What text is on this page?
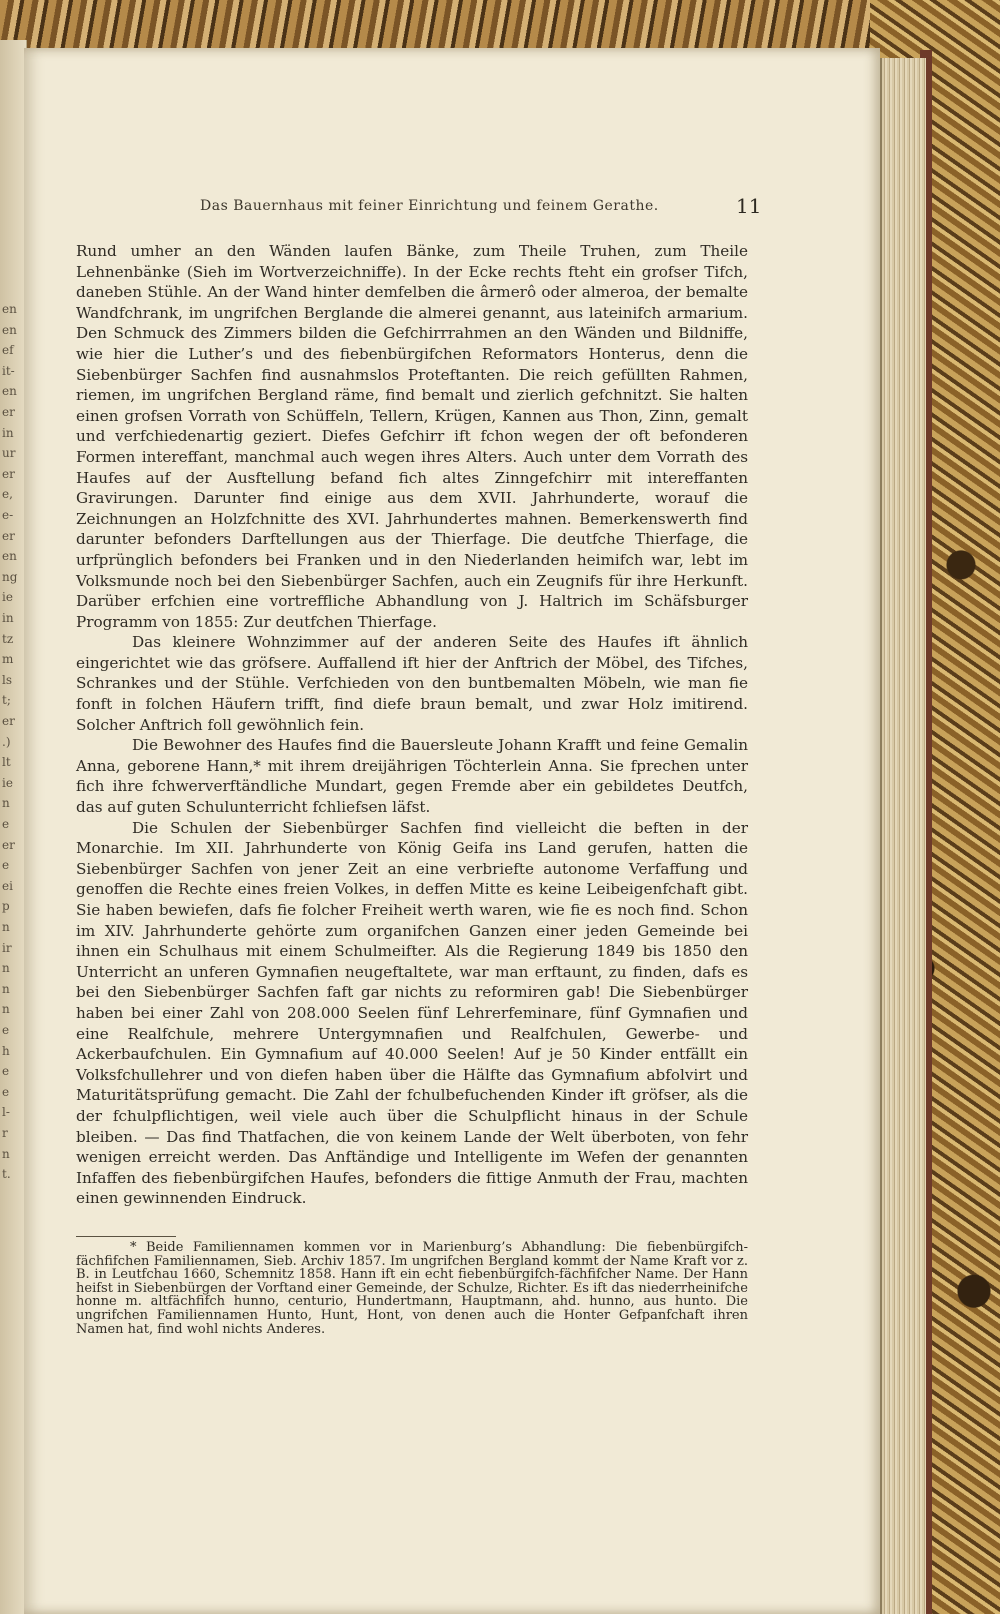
en
en
ef
it-
en
er
in
ur
er
e,
e-
er
en
ng
ie
in
tz
m
ls
t;
er
.)
lt
ie
n
e
er
e
ei
p
n
ir
n
n
n
e
h
e
e
l-
r
n
t.
Das Bauernhaus mit feiner Einrichtung und feinem Gerathe.	11

Rund umher an den Wänden laufen Bänke, zum Theile Truhen, zum Theile Lehnenbänke (Sieh im Wortverzeichniffe). In der Ecke rechts fteht ein grofser Tifch, daneben Stühle. An der Wand hinter demfelben die ârmerô oder almeroa, der bemalte Wandfchrank, im ungrifchen Berglande die almerei genannt, aus lateinifch armarium. Den Schmuck des Zimmers bilden die Gefchirrrahmen an den Wänden und Bildniffe, wie hier die Luther’s und des fiebenbürgifchen Reformators Honterus, denn die Siebenbürger Sachfen find ausnahmslos Proteftanten. Die reich gefüllten Rahmen, riemen, im ungrifchen Bergland räme, find bemalt und zierlich gefchnitzt. Sie halten einen grofsen Vorrath von Schüffeln, Tellern, Krügen, Kannen aus Thon, Zinn, gemalt und verfchiedenartig geziert. Diefes Gefchirr ift fchon wegen der oft befonderen Formen intereffant, manchmal auch wegen ihres Alters. Auch unter dem Vorrath des Haufes auf der Ausftellung befand fich altes Zinngefchirr mit intereffanten Gravirungen. Darunter find einige aus dem XVII. Jahrhunderte, worauf die Zeichnungen an Holzfchnitte des XVI. Jahrhundertes mahnen. Bemerkenswerth find darunter befonders Darftellungen aus der Thierfage. Die deutfche Thierfage, die urfprünglich befonders bei Franken und in den Niederlanden heimifch war, lebt im Volksmunde noch bei den Siebenbürger Sachfen, auch ein Zeugnifs für ihre Herkunft. Darüber erfchien eine vortreffliche Abhandlung von J. Haltrich im Schäfsburger Programm von 1855: Zur deutfchen Thierfage.

Das kleinere Wohnzimmer auf der anderen Seite des Haufes ift ähnlich eingerichtet wie das gröfsere. Auffallend ift hier der Anftrich der Möbel, des Tifches, Schrankes und der Stühle. Verfchieden von den buntbemalten Möbeln, wie man fie fonft in folchen Häufern trifft, find diefe braun bemalt, und zwar Holz imitirend. Solcher Anftrich foll gewöhnlich fein.

Die Bewohner des Haufes find die Bauersleute Johann Krafft und feine Gemalin Anna, geborene Hann,* mit ihrem dreijährigen Töchterlein Anna. Sie fprechen unter fich ihre fchwerverftändliche Mundart, gegen Fremde aber ein gebildetes Deutfch, das auf guten Schulunterricht fchliefsen läfst.

Die Schulen der Siebenbürger Sachfen find vielleicht die beften in der Monarchie. Im XII. Jahrhunderte von König Geifa ins Land gerufen, hatten die Siebenbürger Sachfen von jener Zeit an eine verbriefte autonome Verfaffung und genoffen die Rechte eines freien Volkes, in deffen Mitte es keine Leibeigenfchaft gibt. Sie haben bewiefen, dafs fie folcher Freiheit werth waren, wie fie es noch find. Schon im XIV. Jahrhunderte gehörte zum organifchen Ganzen einer jeden Gemeinde bei ihnen ein Schulhaus mit einem Schulmeifter. Als die Regierung 1849 bis 1850 den Unterricht an unferen Gymnafien neugeftaltete, war man erftaunt, zu finden, dafs es bei den Siebenbürger Sachfen faft gar nichts zu reformiren gab! Die Siebenbürger haben bei einer Zahl von 208.000 Seelen fünf Lehrerfeminare, fünf Gymnafien und eine Realfchule, mehrere Untergymnafien und Realfchulen, Gewerbe- und Ackerbaufchulen. Ein Gymnafium auf 40.000 Seelen! Auf je 50 Kinder entfällt ein Volksfchullehrer und von diefen haben über die Hälfte das Gymnafium abfolvirt und Maturitätsprüfung gemacht. Die Zahl der fchulbefuchenden Kinder ift gröfser, als die der fchulpflichtigen, weil viele auch über die Schulpflicht hinaus in der Schule bleiben. — Das find Thatfachen, die von keinem Lande der Welt überboten, von fehr wenigen erreicht werden. Das Anftändige und Intelligente im Wefen der genannten Infaffen des fiebenbürgifchen Haufes, befonders die fittige Anmuth der Frau, machten einen gewinnenden Eindruck.

* Beide Familiennamen kommen vor in Marienburg’s Abhandlung: Die fiebenbürgifch-fächfifchen Familiennamen, Sieb. Archiv 1857. Im ungrifchen Bergland kommt der Name Kraft vor z. B. in Leutfchau 1660, Schemnitz 1858. Hann ift ein echt fiebenbürgifch-fächfifcher Name. Der Hann heifst in Siebenbürgen der Vorftand einer Gemeinde, der Schulze, Richter. Es ift das niederrheinifche honne m. altfächfifch hunno, centurio, Hundertmann, Hauptmann, ahd. hunno, aus hunto. Die ungrifchen Familiennamen Hunto, Hunt, Hont, von denen auch die Honter Gefpanfchaft ihren Namen hat, find wohl nichts Anderes.
